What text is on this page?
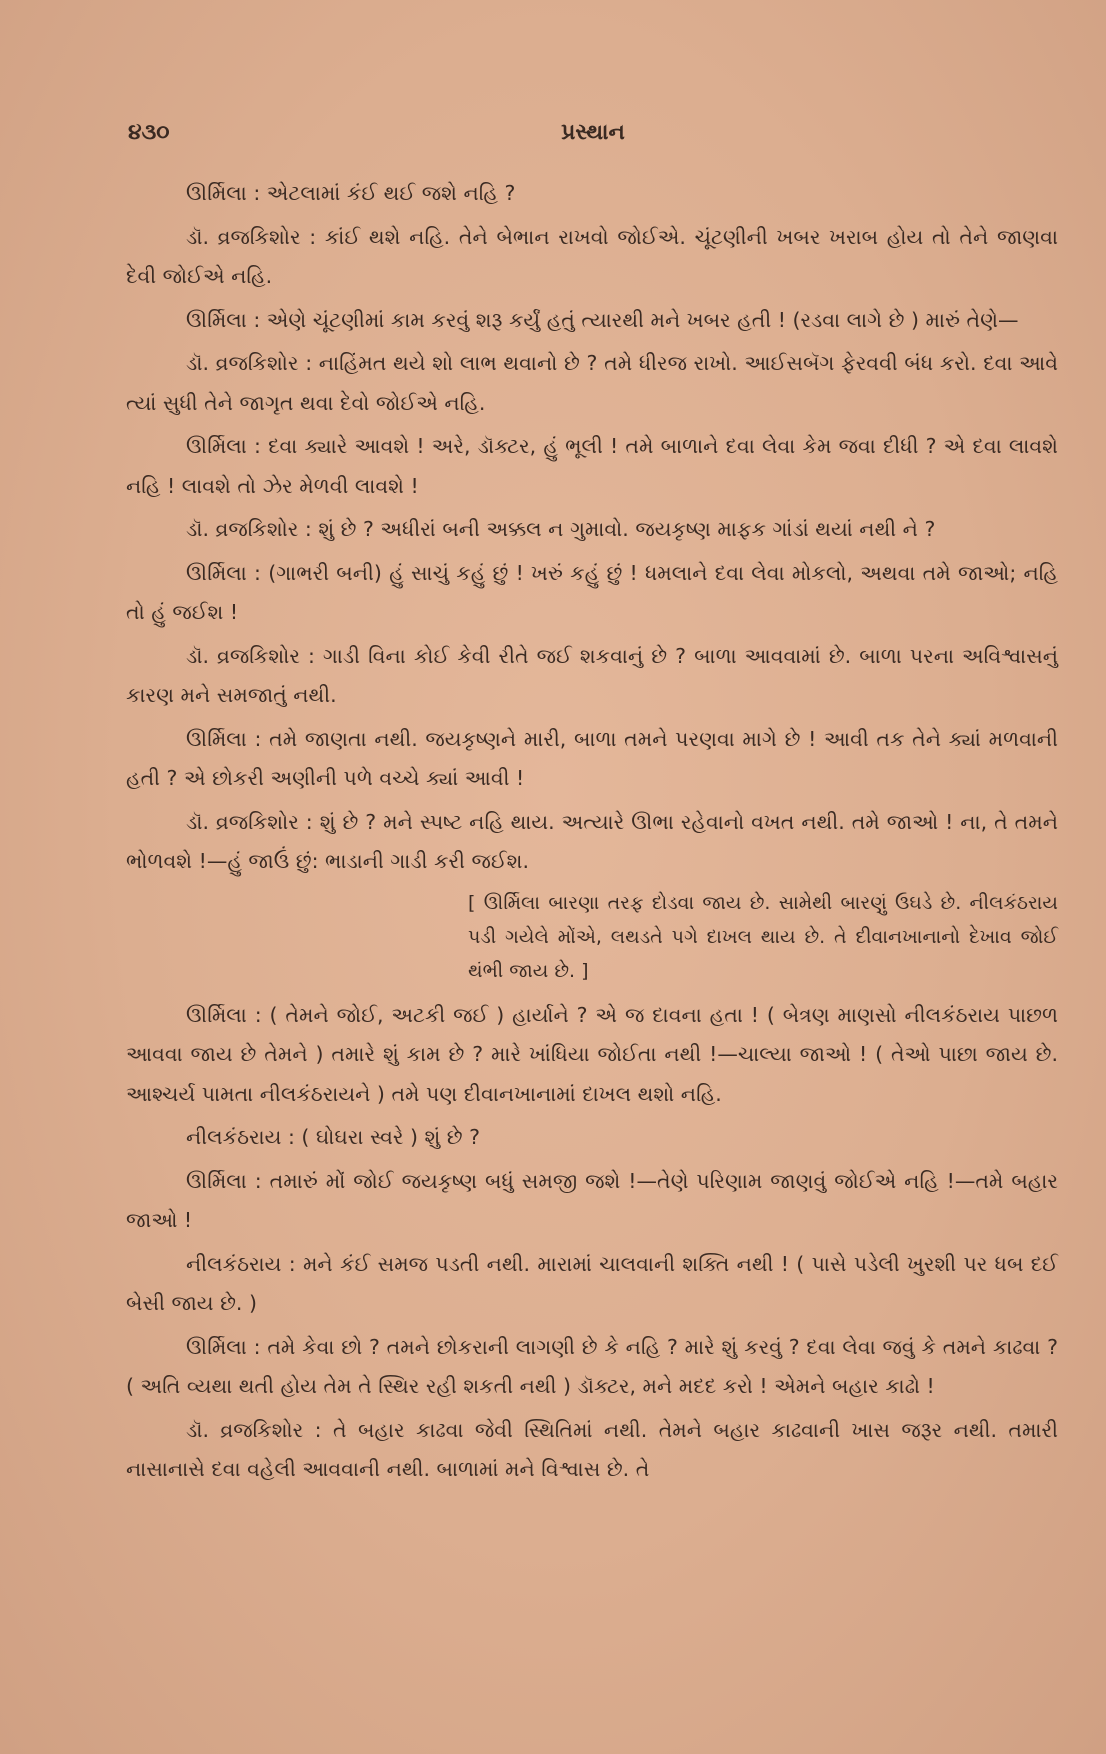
૪૩૦	પ્રસ્થાન

ઊર્મિલા : એટલામાં કંઈ થઈ જશે નહિ ?

ડૉ. વ્રજકિશોર : કાંઈ થશે નહિ. તેને બેભાન રાખવો જોઈએ. ચૂંટણીની ખબર ખરાબ હોય તો તેને જાણવા દેવી જોઈએ નહિ.

ઊર્મિલા : એણે ચૂંટણીમાં કામ કરવું શરૂ કર્યું હતું ત્યારથી મને ખબર હતી ! (રડવા લાગે છે ) મારું તેણે—

ડૉ. વ્રજકિશોર : નાહિંમત થયે શો લાભ થવાનો છે ? તમે ધીરજ રાખો. આઈસબૅગ ફેરવવી બંધ કરો. દવા આવે ત્યાં સુધી તેને જાગૃત થવા દેવો જોઈએ નહિ.

ઊર્મિલા : દવા ક્યારે આવશે ! અરે, ડૉક્ટર, હું ભૂલી ! તમે બાળાને દવા લેવા કેમ જવા દીધી ? એ દવા લાવશે નહિ ! લાવશે તો ઝેર મેળવી લાવશે !

ડૉ. વ્રજકિશોર : શું છે ? અધીરાં બની અક્કલ ન ગુમાવો. જયકૃષ્ણ માફક ગાંડાં થયાં નથી ને ?

ઊર્મિલા : (ગાભરી બની) હું સાચું કહું છું ! ખરું કહું છું ! ધમલાને દવા લેવા મોકલો, અથવા તમે જાઓ; નહિ તો હું જઈશ !

ડૉ. વ્રજકિશોર : ગાડી વિના કોઈ કેવી રીતે જઈ શકવાનું છે ? બાળા આવવામાં છે. બાળા પરના અવિશ્વાસનું કારણ મને સમજાતું નથી.

ઊર્મિલા : તમે જાણતા નથી. જયકૃષ્ણને મારી, બાળા તમને પરણવા માગે છે ! આવી તક તેને ક્યાં મળવાની હતી ? એ છોકરી અણીની પળે વચ્ચે ક્યાં આવી !

ડૉ. વ્રજકિશોર : શું છે ? મને સ્પષ્ટ નહિ થાય. અત્યારે ઊભા રહેવાનો વખત નથી. તમે જાઓ ! ના, તે તમને ભોળવશે !—હું જાઉં છું: ભાડાની ગાડી કરી જઈશ.

[ ઊર્મિલા બારણા તરફ દોડવા જાય છે. સામેથી બારણું ઉઘડે છે. નીલકંઠરાય પડી ગયેલે મોંએ, લથડતે પગે દાખલ થાય છે. તે દીવાનખાનાનો દેખાવ જોઈ થંભી જાય છે. ]

ઊર્મિલા : ( તેમને જોઈ, અટકી જઈ ) હાર્યાને ? એ જ દાવના હતા ! ( બેત્રણ માણસો નીલકંઠરાય પાછળ આવવા જાય છે તેમને ) તમારે શું કામ છે ? મારે ખાંધિયા જોઈતા નથી !—ચાલ્યા જાઓ ! ( તેઓ પાછા જાય છે. આશ્ચર્ય પામતા નીલકંઠરાયને ) તમે પણ દીવાનખાનામાં દાખલ થશો નહિ.

નીલકંઠરાય : ( ઘોઘરા સ્વરે ) શું છે ?

ઊર્મિલા : તમારું મોં જોઈ જયકૃષ્ણ બધું સમજી જશે !—તેણે પરિણામ જાણવું જોઈએ નહિ !—તમે બહાર જાઓ !

નીલકંઠરાય : મને કંઈ સમજ પડતી નથી. મારામાં ચાલવાની શક્તિ નથી ! ( પાસે પડેલી ખુરશી પર ધબ દઈ બેસી જાય છે. )

ઊર્મિલા : તમે કેવા છો ? તમને છોકરાની લાગણી છે કે નહિ ? મારે શું કરવું ? દવા લેવા જવું કે તમને કાઢવા ? ( અતિ વ્યથા થતી હોય તેમ તે સ્થિર રહી શકતી નથી ) ડૉક્ટર, મને મદદ કરો ! એમને બહાર કાઢો !

ડૉ. વ્રજકિશોર : તે બહાર કાઢવા જેવી સ્થિતિમાં નથી. તેમને બહાર કાઢવાની ખાસ જરૂર નથી. તમારી નાસાનાસે દવા વહેલી આવવાની નથી. બાળામાં મને વિશ્વાસ છે. તે
